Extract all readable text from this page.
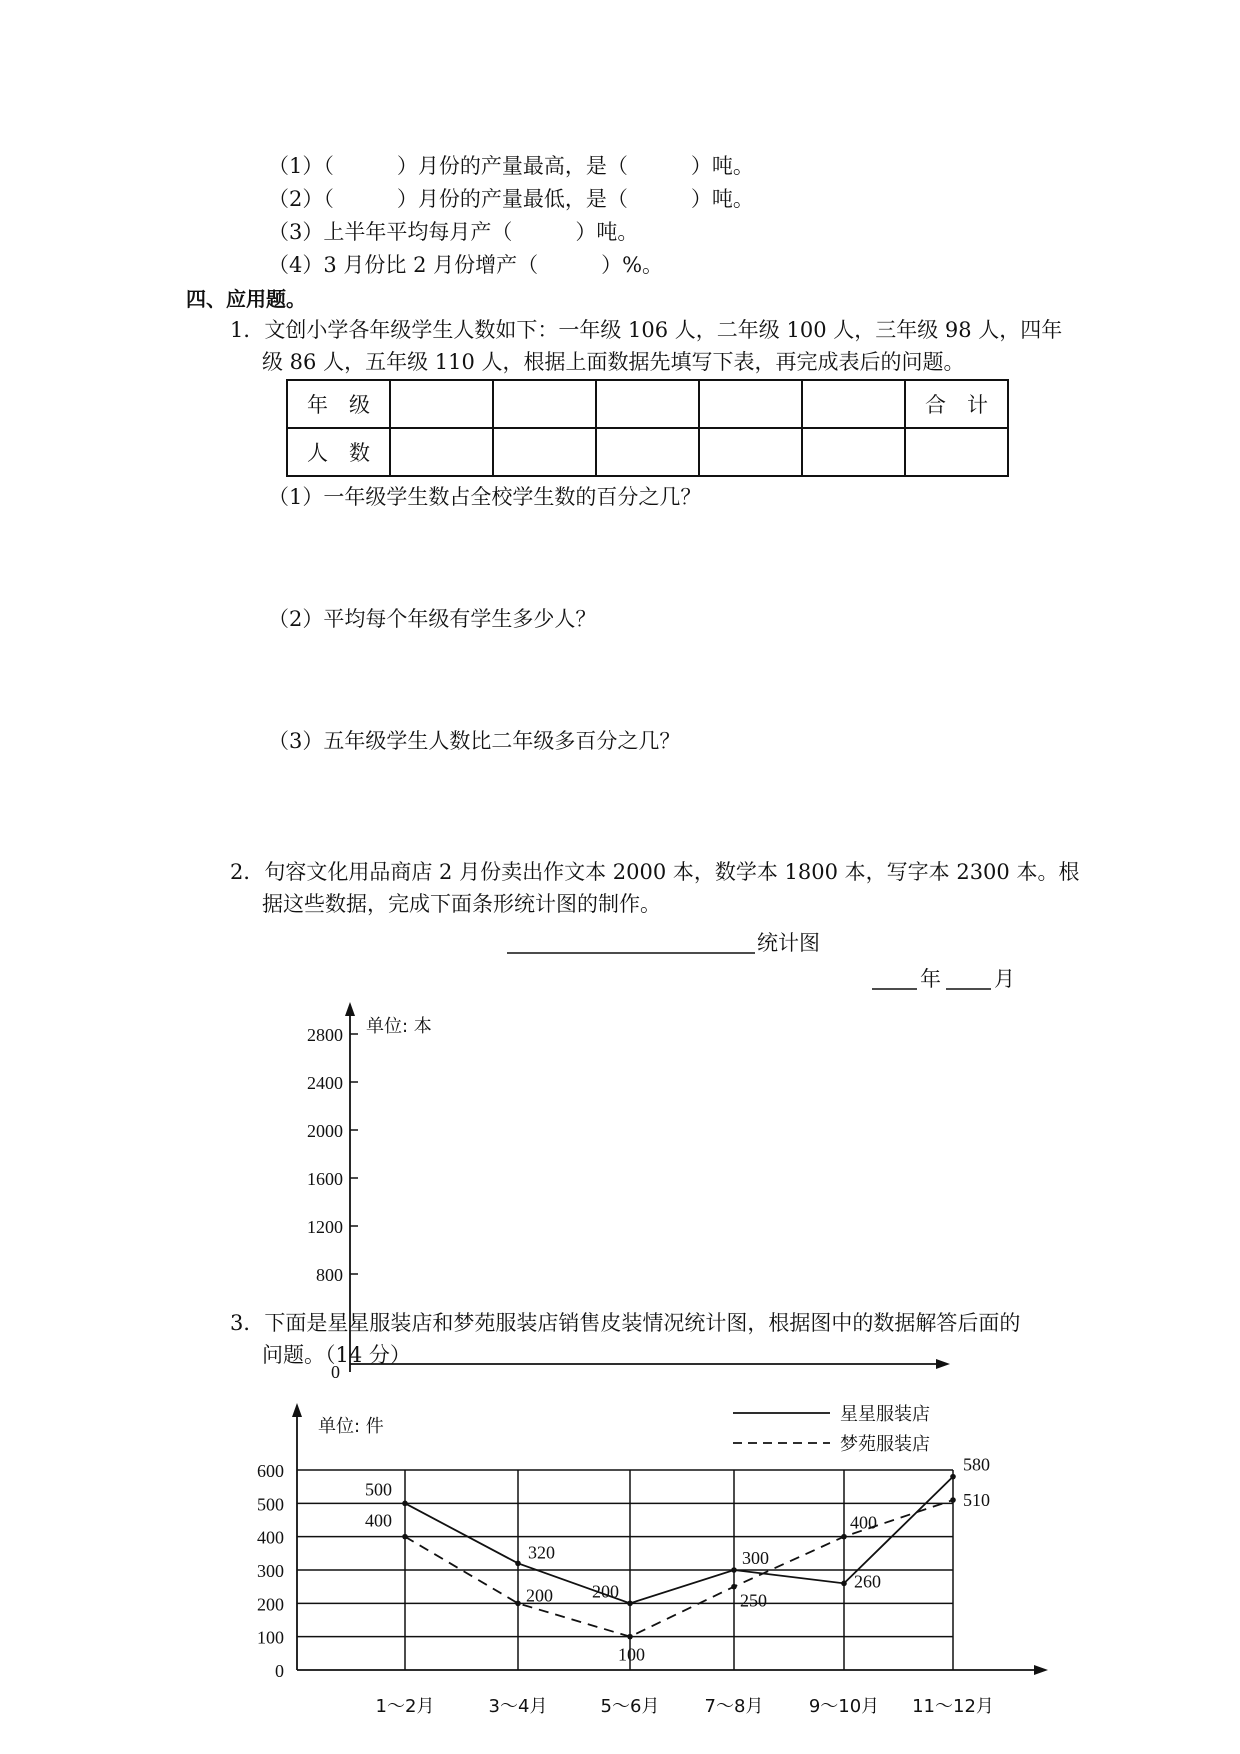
（1）（　　　）月份的产量最高，是（　　　）吨。
（2）（　　　）月份的产量最低，是（　　　）吨。
（3）上半年平均每月产（　　　）吨。
（4）3 月份比 2 月份增产（　　　）%。
四、应用题。
1．文创小学各年级学生人数如下：一年级 106 人，二年级 100 人，三年级 98 人，四年
级 86 人，五年级 110 人，根据上面数据先填写下表，再完成表后的问题。
年　级						合　计
人　数						
（1）一年级学生数占全校学生数的百分之几？
（2）平均每个年级有学生多少人？
（3）五年级学生人数比二年级多百分之几？
2．句容文化用品商店 2 月份卖出作文本 2000 本，数学本 1800 本，写字本 2300 本。根
据这些数据，完成下面条形统计图的制作。
统计图
年	月
单位: 本
2800
2400
2000
1600
1200
800
0
3．下面是星星服装店和梦苑服装店销售皮装情况统计图，根据图中的数据解答后面的
问题。（14 分）
单位: 件
星星服装店
梦苑服装店
600
500
400
300
200
100
0
1～2月	3～4月	5～6月	7～8月	9～10月 11～12月
500
320
200
300
260
580
400
200
100
250
400
510
